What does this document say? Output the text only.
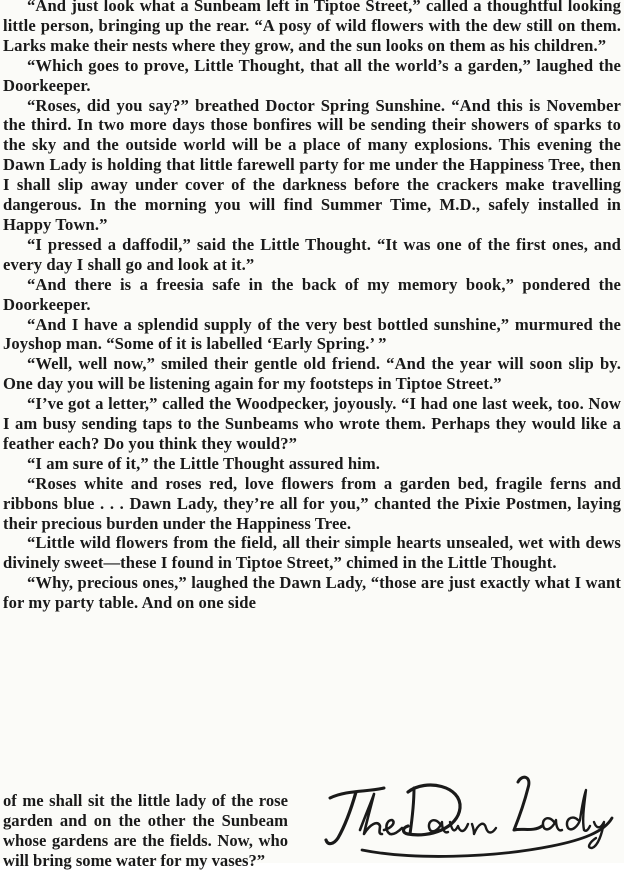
“And just look what a Sunbeam left in Tiptoe Street,” called a thoughtful looking little person, bringing up the rear. “A posy of wild flowers with the dew still on them. Larks make their nests where they grow, and the sun looks on them as his children.”

“Which goes to prove, Little Thought, that all the world’s a garden,” laughed the Doorkeeper.

“Roses, did you say?” breathed Doctor Spring Sunshine. “And this is November the third. In two more days those bonfires will be sending their showers of sparks to the sky and the outside world will be a place of many explosions. This evening the Dawn Lady is holding that little farewell party for me under the Happiness Tree, then I shall slip away under cover of the darkness before the crackers make travelling dangerous. In the morning you will find Summer Time, M.D., safely installed in Happy Town.”

“I pressed a daffodil,” said the Little Thought. “It was one of the first ones, and every day I shall go and look at it.”

“And there is a freesia safe in the back of my memory book,” pondered the Doorkeeper.

“And I have a splendid supply of the very best bottled sunshine,” murmured the Joyshop man. “Some of it is labelled ‘Early Spring.’ ”

“Well, well now,” smiled their gentle old friend. “And the year will soon slip by. One day you will be listening again for my footsteps in Tiptoe Street.”

“I’ve got a letter,” called the Woodpecker, joyously. “I had one last week, too. Now I am busy sending taps to the Sunbeams who wrote them. Perhaps they would like a feather each? Do you think they would?”

“I am sure of it,” the Little Thought assured him.

“Roses white and roses red, love flowers from a garden bed, fragile ferns and ribbons blue . . . Dawn Lady, they’re all for you,” chanted the Pixie Postmen, laying their precious burden under the Happiness Tree.

“Little wild flowers from the field, all their simple hearts unsealed, wet with dews divinely sweet—these I found in Tiptoe Street,” chimed in the Little Thought.

“Why, precious ones,” laughed the Dawn Lady, “those are just exactly what I want for my party table. And on one side

of me shall sit the little lady of the rose garden and on the other the Sunbeam whose gardens are the fields. Now, who will bring some water for my vases?”
